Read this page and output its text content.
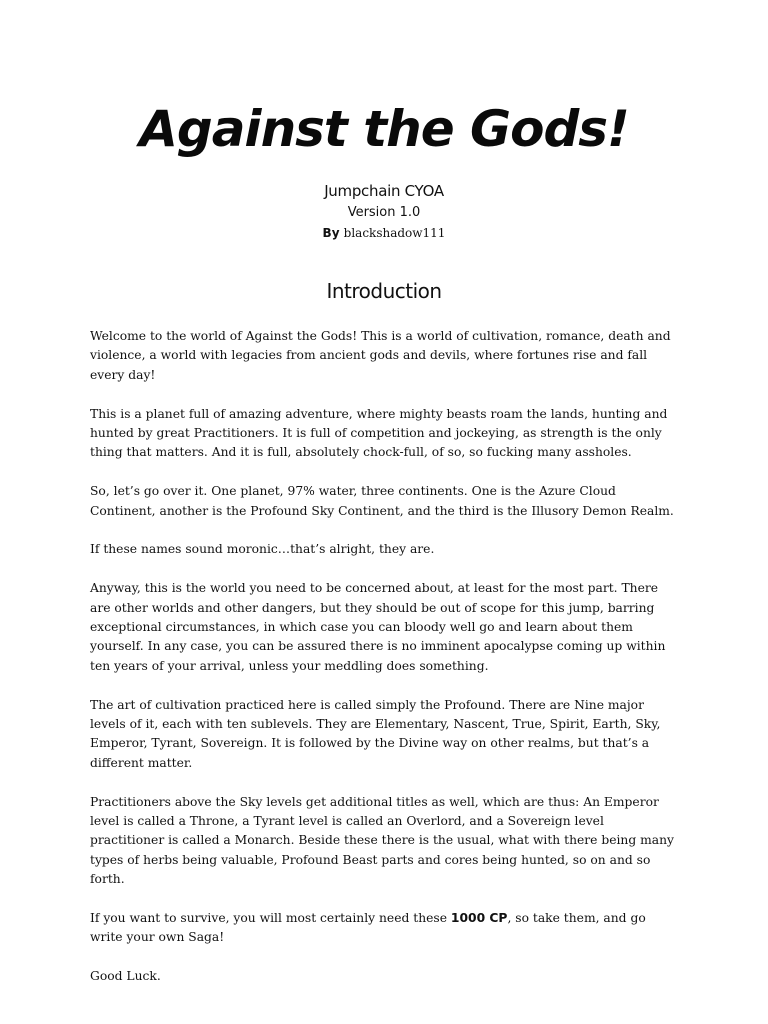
Against the Gods!
Jumpchain CYOA
Version 1.0
By blackshadow111
Introduction

Welcome to the world of Against the Gods! This is a world of cultivation, romance, death and violence, a world with legacies from ancient gods and devils, where fortunes rise and fall every day!

This is a planet full of amazing adventure, where mighty beasts roam the lands, hunting and hunted by great Practitioners. It is full of competition and jockeying, as strength is the only thing that matters. And it is full, absolutely chock-full, of so, so fucking many assholes.

So, let’s go over it. One planet, 97% water, three continents. One is the Azure Cloud Continent, another is the Profound Sky Continent, and the third is the Illusory Demon Realm.

If these names sound moronic…that’s alright, they are.

Anyway, this is the world you need to be concerned about, at least for the most part. There are other worlds and other dangers, but they should be out of scope for this jump, barring exceptional circumstances, in which case you can bloody well go and learn about them yourself. In any case, you can be assured there is no imminent apocalypse coming up within ten years of your arrival, unless your meddling does something.

The art of cultivation practiced here is called simply the Profound. There are Nine major levels of it, each with ten sublevels. They are Elementary, Nascent, True, Spirit, Earth, Sky, Emperor, Tyrant, Sovereign. It is followed by the Divine way on other realms, but that’s a different matter.

Practitioners above the Sky levels get additional titles as well, which are thus: An Emperor level is called a Throne, a Tyrant level is called an Overlord, and a Sovereign level practitioner is called a Monarch. Beside these there is the usual, what with there being many types of herbs being valuable, Profound Beast parts and cores being hunted, so on and so forth.

If you want to survive, you will most certainly need these 1000 CP, so take them, and go write your own Saga!

Good Luck.
